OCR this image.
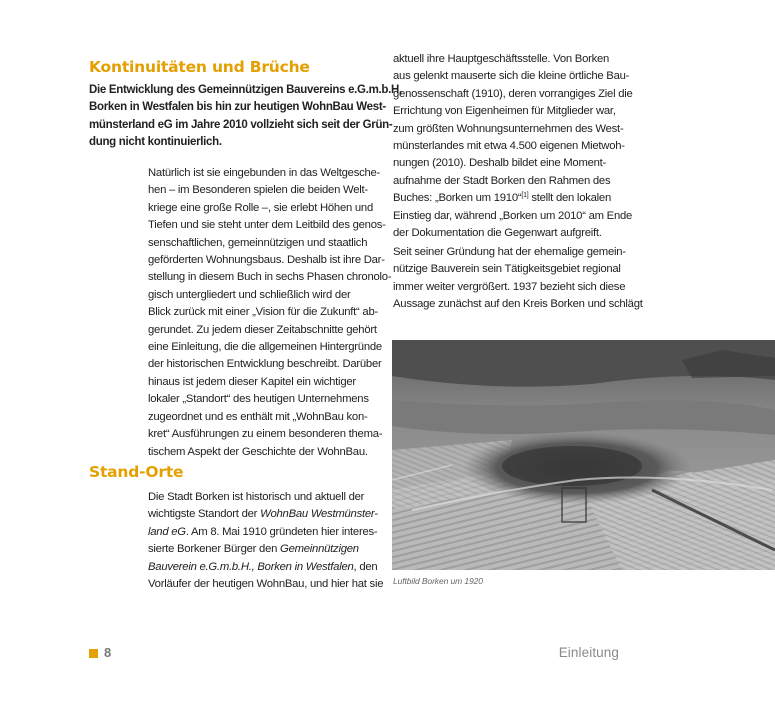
Kontinuitäten und Brüche
Die Entwicklung des Gemeinnützigen Bauvereins e.G.m.b.H,
Borken in Westfalen bis hin zur heutigen WohnBau West-
münsterland eG im Jahre 2010 vollzieht sich seit der Grün-
dung nicht kontinuierlich.
Natürlich ist sie eingebunden in das Weltgesche-
hen – im Besonderen spielen die beiden Welt-
kriege eine große Rolle –, sie erlebt Höhen und
Tiefen und sie steht unter dem Leitbild des genos-
senschaftlichen, gemeinnützigen und staatlich
geförderten Wohnungsbaus. Deshalb ist ihre Dar-
stellung in diesem Buch in sechs Phasen chronolo-
gisch untergliedert und schließlich wird der
Blick zurück mit einer „Vision für die Zukunft“ ab-
gerundet. Zu jedem dieser Zeitabschnitte gehört
eine Einleitung, die die allgemeinen Hintergründe
der historischen Entwicklung beschreibt. Darüber
hinaus ist jedem dieser Kapitel ein wichtiger
lokaler „Standort“ des heutigen Unternehmens
zugeordnet und es enthält mit „WohnBau kon-
kret“ Ausführungen zu einem besonderen thema-
tischem Aspekt der Geschichte der WohnBau.
Stand-Orte
Die Stadt Borken ist historisch und aktuell der
wichtigste Standort der WohnBau Westmünster-
land eG. Am 8. Mai 1910 gründeten hier interes-
sierte Borkener Bürger den Gemeinnützigen
Bauverein e.G.m.b.H., Borken in Westfalen, den
Vorläufer der heutigen WohnBau, und hier hat sie
aktuell ihre Hauptgeschäftsstelle. Von Borken
aus gelenkt mauserte sich die kleine örtliche Bau-
genossenschaft (1910), deren vorrangiges Ziel die
Errichtung von Eigenheimen für Mitglieder war,
zum größten Wohnungsunternehmen des West-
münsterlandes mit etwa 4.500 eigenen Mietwoh-
nungen (2010). Deshalb bildet eine Moment-
aufnahme der Stadt Borken den Rahmen des
Buches: „Borken um 1910“[1] stellt den lokalen
Einstieg dar, während „Borken um 2010“ am Ende
der Dokumentation die Gegenwart aufgreift.
Seit seiner Gründung hat der ehemalige gemein-
nützige Bauverein sein Tätigkeitsgebiet regional
immer weiter vergrößert. 1937 bezieht sich diese
Aussage zunächst auf den Kreis Borken und schlägt

Luftbild Borken um 1920

8	Einleitung
